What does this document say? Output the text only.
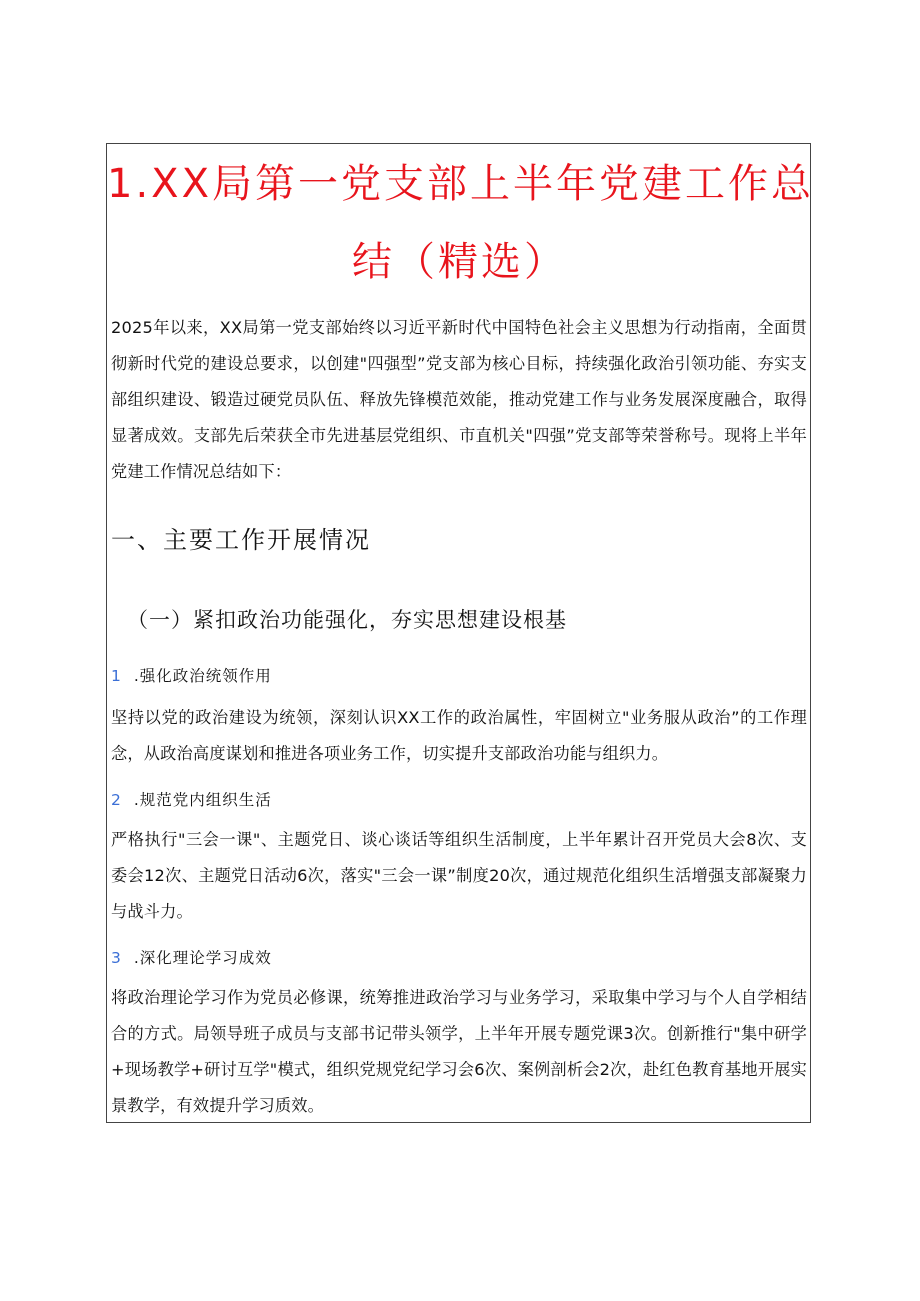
1.XX局第一党支部上半年党建工作总
结（精选）

2025年以来，XX局第一党支部始终以习近平新时代中国特色社会主义思想为行动指南，全面贯彻新时代党的建设总要求，以创建"四强型”党支部为核心目标，持续强化政治引领功能、夯实支部组织建设、锻造过硬党员队伍、释放先锋模范效能，推动党建工作与业务发展深度融合，取得显著成效。支部先后荣获全市先进基层党组织、市直机关"四强”党支部等荣誉称号。现将上半年党建工作情况总结如下：

一、主要工作开展情况
（一）紧扣政治功能强化，夯实思想建设根基
1 .强化政治统领作用

坚持以党的政治建设为统领，深刻认识XX工作的政治属性，牢固树立"业务服从政治”的工作理念，从政治高度谋划和推进各项业务工作，切实提升支部政治功能与组织力。

2 .规范党内组织生活

严格执行"三会一课"、主题党日、谈心谈话等组织生活制度，上半年累计召开党员大会8次、支委会12次、主题党日活动6次，落实"三会一课”制度20次，通过规范化组织生活增强支部凝聚力与战斗力。

3 .深化理论学习成效

将政治理论学习作为党员必修课，统筹推进政治学习与业务学习，采取集中学习与个人自学相结合的方式。局领导班子成员与支部书记带头领学，上半年开展专题党课3次。创新推行"集中研学+现场教学+研讨互学"模式，组织党规党纪学习会6次、案例剖析会2次，赴红色教育基地开展实景教学，有效提升学习质效。
